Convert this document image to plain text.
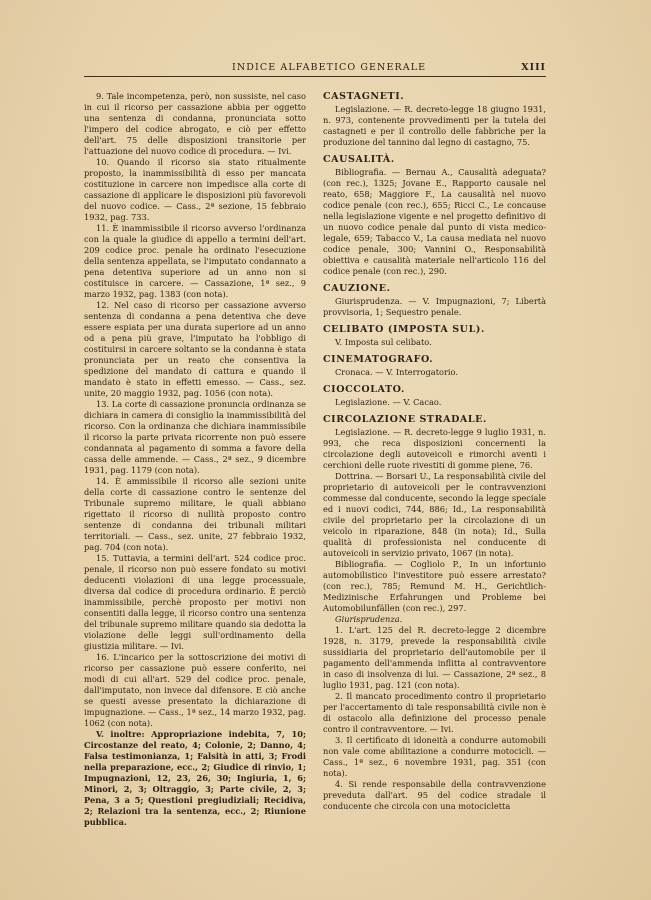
INDICE ALFABETICO GENERALE	XIII

9. Tale incompetenza, però, non sussiste, nel caso in cui il ricorso per cassazione abbia per oggetto una sentenza di condanna, pronunciata sotto l'impero del codice abrogato, e ciò per effetto dell'art. 75 delle disposizioni transitorie per l'attuazione del nuovo codice di procedura. — Ivi.

10. Quando il ricorso sia stato ritualmente proposto, la inammissibilità di esso per mancata costituzione in carcere non impedisce alla corte di cassazione di applicare le disposizioni più favorevoli del nuovo codice. — Cass., 2ª sezione, 15 febbraio 1932, pag. 733.

11. È inammissibile il ricorso avverso l'ordinanza con la quale la giudice di appello a termini dell'art. 209 codice proc. penale ha ordinato l'esecuzione della sentenza appellata, se l'imputato condannato a pena detentiva superiore ad un anno non si costituisce in carcere. — Cassazione, 1ª sez., 9 marzo 1932, pag. 1383 (con nota).

12. Nel caso di ricorso per cassazione avverso sentenza di condanna a pena detentiva che deve essere espiata per una durata superiore ad un anno od a pena più grave, l'imputato ha l'obbligo di costituirsi in carcere soltanto se la condanna è stata pronunciata per un reato che consentiva la spedizione del mandato di cattura e quando il mandato è stato in effetti emesso. — Cass., sez. unite, 20 maggio 1932, pag. 1056 (con nota).

13. La corte di cassazione pronuncia ordinanza se dichiara in camera di consiglio la inammissibilità del ricorso. Con la ordinanza che dichiara inammissibile il ricorso la parte privata ricorrente non può essere condannata al pagamento di somma a favore della cassa delle ammende. — Cass., 2ª sez., 9 dicembre 1931, pag. 1179 (con nota).

14. È ammissibile il ricorso alle sezioni unite della corte di cassazione contro le sentenze del Tribunale supremo militare, le quali abbiano rigettato il ricorso di nullità proposto contro sentenze di condanna dei tribunali militari territoriali. — Cass., sez. unite, 27 febbraio 1932, pag. 704 (con nota).

15. Tuttavia, a termini dell'art. 524 codice proc. penale, il ricorso non può essere fondato su motivi deducenti violazioni di una legge processuale, diversa dal codice di procedura ordinario. È perciò inammissibile, perchè proposto per motivi non consentiti dalla legge, il ricorso contro una sentenza del tribunale supremo militare quando sia dedotta la violazione delle leggi sull'ordinamento della giustizia militare. — Ivi.

16. L'incarico per la sottoscrizione dei motivi di ricorso per cassazione può essere conferito, nei modi di cui all'art. 529 del codice proc. penale, dall'imputato, non invece dal difensore. E ciò anche se questi avesse presentato la dichiarazione di impugnazione. — Cass., 1ª sez., 14 marzo 1932, pag. 1062 (con nota).

V. inoltre: Appropriazione indebita, 7, 10; Circostanze del reato, 4; Colonie, 2; Danno, 4; Falsa testimonianza, 1; Falsità in atti, 3; Frodi nella preparazione, ecc., 2; Giudice di rinvio, 1; Impugnazioni, 12, 23, 26, 30; Ingiuria, 1, 6; Minori, 2, 3; Oltraggio, 3; Parte civile, 2, 3; Pena, 3 a 5; Questioni pregiudiziali; Recidiva, 2; Relazioni tra la sentenza, ecc., 2; Riunione pubblica.

CASTAGNETI.

Legislazione. — R. decreto-legge 18 giugno 1931, n. 973, contenente provvedimenti per la tutela dei castagneti e per il controllo delle fabbriche per la produzione del tannino dal legno di castagno, 75.

CAUSALITÀ.

Bibliografia. — Bernau A., Causalità adeguata? (con rec.), 1325; Jovane E., Rapporto causale nel reato, 658; Maggiore F., La causalità nel nuovo codice penale (con rec.), 655; Ricci C., Le concause nella legislazione vigente e nel progetto definitivo di un nuovo codice penale dal punto di vista medico-legale, 659; Tabacco V., La causa mediata nel nuovo codice penale, 300; Vannini O., Responsabilità obiettiva e causalità materiale nell'articolo 116 del codice penale (con rec.), 290.

CAUZIONE.

Giurisprudenza. — V. Impugnazioni, 7; Libertà provvisoria, 1; Sequestro penale.

CELIBATO (IMPOSTA SUL).

V. Imposta sul celibato.

CINEMATOGRAFO.

Cronaca. — V. Interrogatorio.

CIOCCOLATO.

Legislazione. — V. Cacao.

CIRCOLAZIONE STRADALE.

Legislazione. — R. decreto-legge 9 luglio 1931, n. 993, che reca disposizioni concernenti la circolazione degli autoveicoli e rimorchi aventi i cerchioni delle ruote rivestiti di gomme piene, 76.

Dottrina. — Borsari U., La responsabilità civile del proprietario di autoveicoli per le contravvenzioni commesse dal conducente, secondo la legge speciale ed i nuovi codici, 744, 886; Id., La responsabilità civile del proprietario per la circolazione di un veicolo in riparazione, 848 (in nota); Id., Sulla qualità di professionista nel conducente di autoveicoli in servizio privato, 1067 (in nota).

Bibliografia. — Cogliolo P., In un infortunio automobilistico l'investitore può essere arrestato? (con rec.), 785; Remund M. H., Gerichtlich-Medizinische Erfahrungen und Probleme bei Automobilunfällen (con rec.), 297.

Giurisprudenza.

1. L'art. 125 del R. decreto-legge 2 dicembre 1928, n. 3179, prevede la responsabilità civile sussidiaria del proprietario dell'automobile per il pagamento dell'ammenda inflitta al contravventore in caso di insolvenza di lui. — Cassazione, 2ª sez., 8 luglio 1931, pag. 121 (con nota).

2. Il mancato procedimento contro il proprietario per l'accertamento di tale responsabilità civile non è di ostacolo alla definizione del processo penale contro il contravventore. — Ivi.

3. Il certificato di idoneità a condurre automobili non vale come abilitazione a condurre motocicli. — Cass., 1ª sez., 6 novembre 1931, pag. 351 (con nota).

4. Si rende responsabile della contravvenzione preveduta dall'art. 95 del codice stradale il conducente che circola con una motocicletta
